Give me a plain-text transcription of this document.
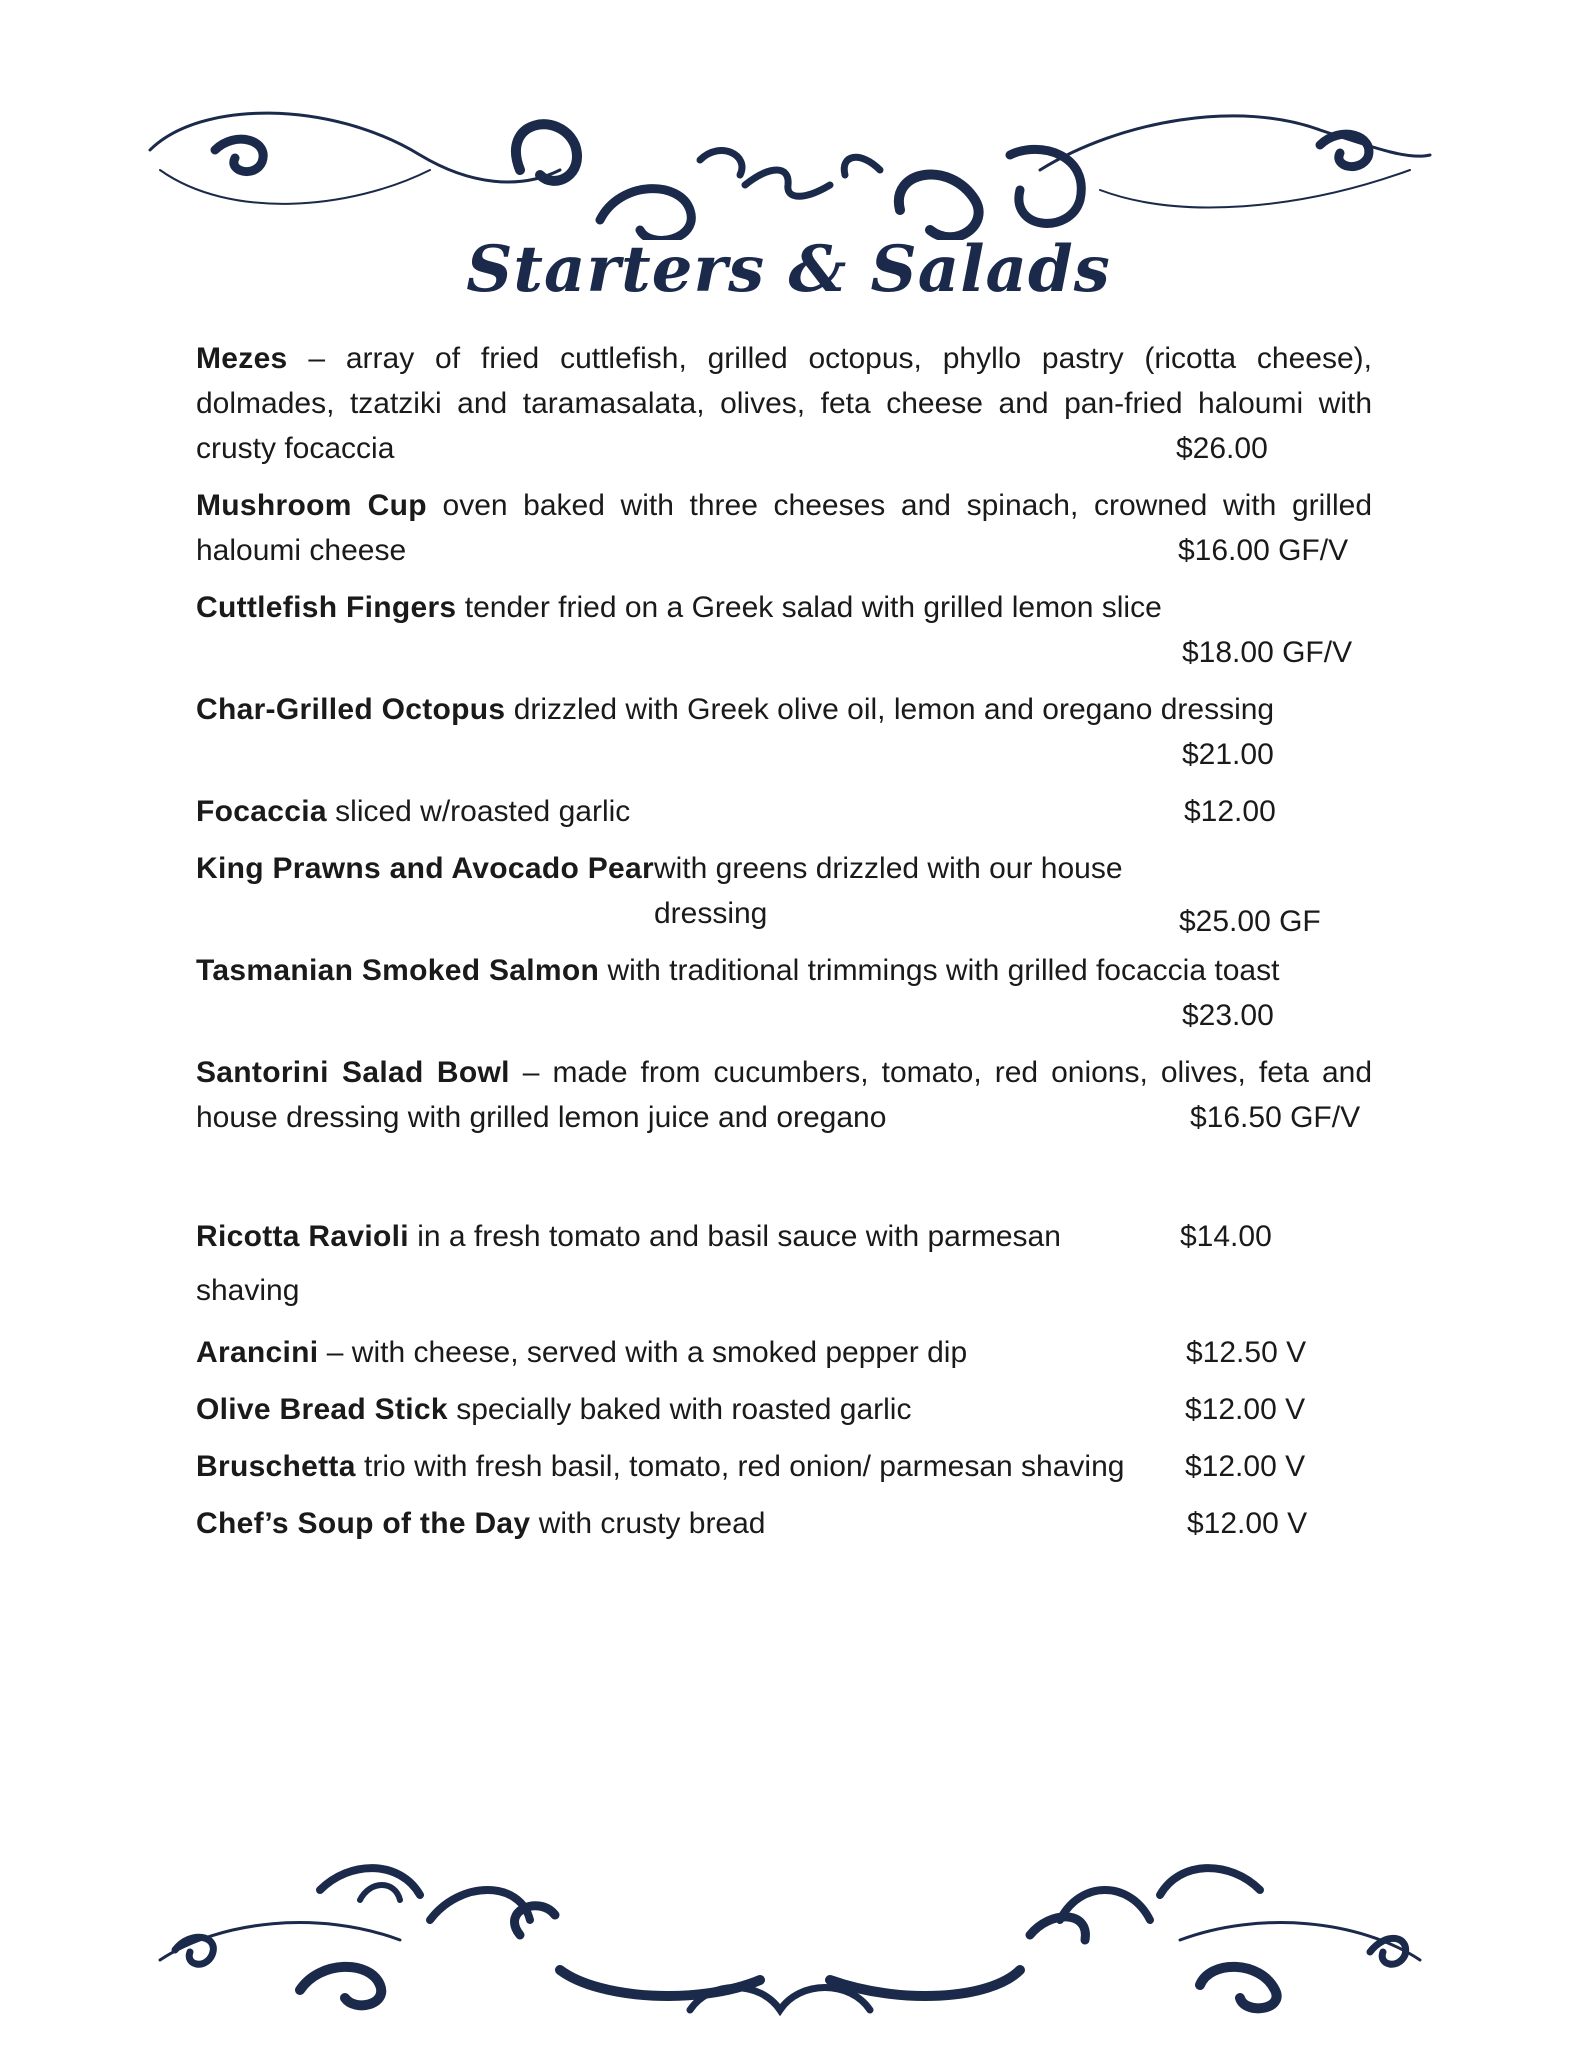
Starters & Salads
Mezes – array of fried cuttlefish, grilled octopus, phyllo pastry (ricotta cheese), dolmades, tzatziki and taramasalata, olives, feta cheese and pan-fried haloumi with crusty focaccia	$26.00
Mushroom Cup oven baked with three cheeses and spinach, crowned with grilled haloumi cheese	$16.00 GF/V
Cuttlefish Fingers tender fried on a Greek salad with grilled lemon slice
$18.00 GF/V
Char-Grilled Octopus drizzled with Greek olive oil, lemon and oregano dressing
$21.00
Focaccia sliced w/roasted garlic	$12.00
King Prawns and Avocado Pearwith greens drizzled with our house dressing	$25.00 GF
Tasmanian Smoked Salmon with traditional trimmings with grilled focaccia toast
$23.00
Santorini Salad Bowl – made from cucumbers, tomato, red onions, olives, feta and house dressing with grilled lemon juice and oregano	$16.50 GF/V
Ricotta Ravioli in a fresh tomato and basil sauce with parmesan shaving
$14.00
Arancini – with cheese, served with a smoked pepper dip	$12.50 V
Olive Bread Stick specially baked with roasted garlic	$12.00 V
Bruschetta trio with fresh basil, tomato, red onion/ parmesan shaving $12.00 V
Chef’s Soup of the Day with crusty bread	$12.00 V
